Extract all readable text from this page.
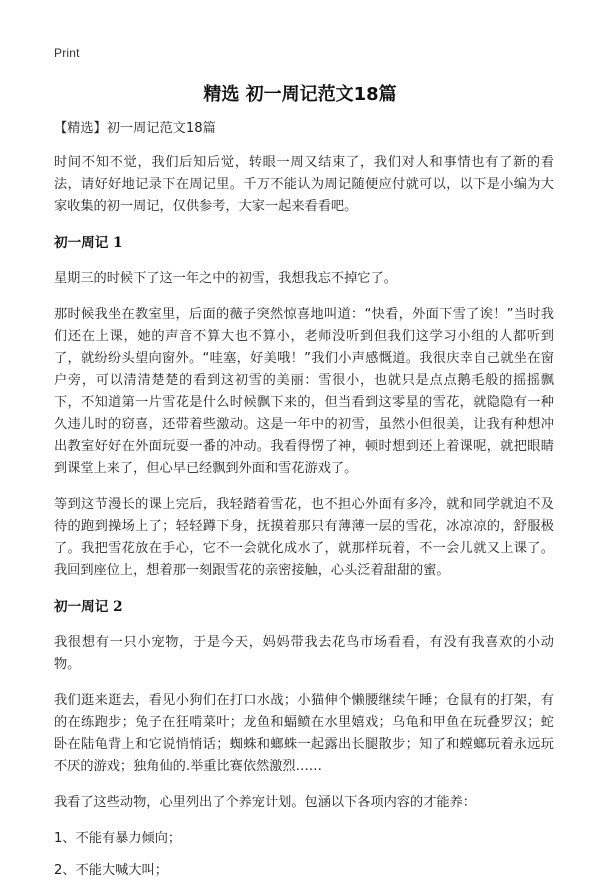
Print
精选 初一周记范文18篇

【精选】初一周记范文18篇

时间不知不觉，我们后知后觉，转眼一周又结束了，我们对人和事情也有了新的看法，请好好地记录下在周记里。千万不能认为周记随便应付就可以，以下是小编为大家收集的初一周记，仅供参考，大家一起来看看吧。

初一周记 1

星期三的时候下了这一年之中的初雪，我想我忘不掉它了。

那时候我坐在教室里，后面的薇子突然惊喜地叫道：“快看，外面下雪了诶！”当时我们还在上课，她的声音不算大也不算小，老师没听到但我们这学习小组的人都听到了，就纷纷头望向窗外。“哇塞，好美哦！”我们小声感慨道。我很庆幸自己就坐在窗户旁，可以清清楚楚的看到这初雪的美丽：雪很小，也就只是点点鹅毛般的摇摇飘下，不知道第一片雪花是什么时候飘下来的，但当看到这零星的雪花，就隐隐有一种久违儿时的窃喜，还带着些激动。这是一年中的初雪，虽然小但很美，让我有种想冲出教室好好在外面玩耍一番的冲动。我看得愣了神，顿时想到还上着课呢，就把眼睛到课堂上来了，但心早已经飘到外面和雪花游戏了。

等到这节漫长的课上完后，我轻踏着雪花，也不担心外面有多冷，就和同学就迫不及待的跑到操场上了；轻轻蹲下身，抚摸着那只有薄薄一层的雪花，冰凉凉的，舒服极了。我把雪花放在手心，它不一会就化成水了，就那样玩着，不一会儿就又上课了。我回到座位上，想着那一刻跟雪花的亲密接触，心头泛着甜甜的蜜。

初一周记 2

我很想有一只小宠物，于是今天，妈妈带我去花鸟市场看看，有没有我喜欢的小动物。

我们逛来逛去，看见小狗们在打口水战；小猫伸个懒腰继续午睡；仓鼠有的打架，有的在练跑步；兔子在狂啃菜叶；龙鱼和蝠鲼在水里嬉戏；乌龟和甲鱼在玩叠罗汉；蛇卧在陆龟背上和它说悄悄话；蜘蛛和螂蛛一起露出长腿散步；知了和螳螂玩着永远玩不厌的游戏；独角仙的.举重比赛依然激烈……

我看了这些动物，心里列出了个养宠计划。包涵以下各项内容的才能养：

1、不能有暴力倾向；

2、不能大喊大叫；
